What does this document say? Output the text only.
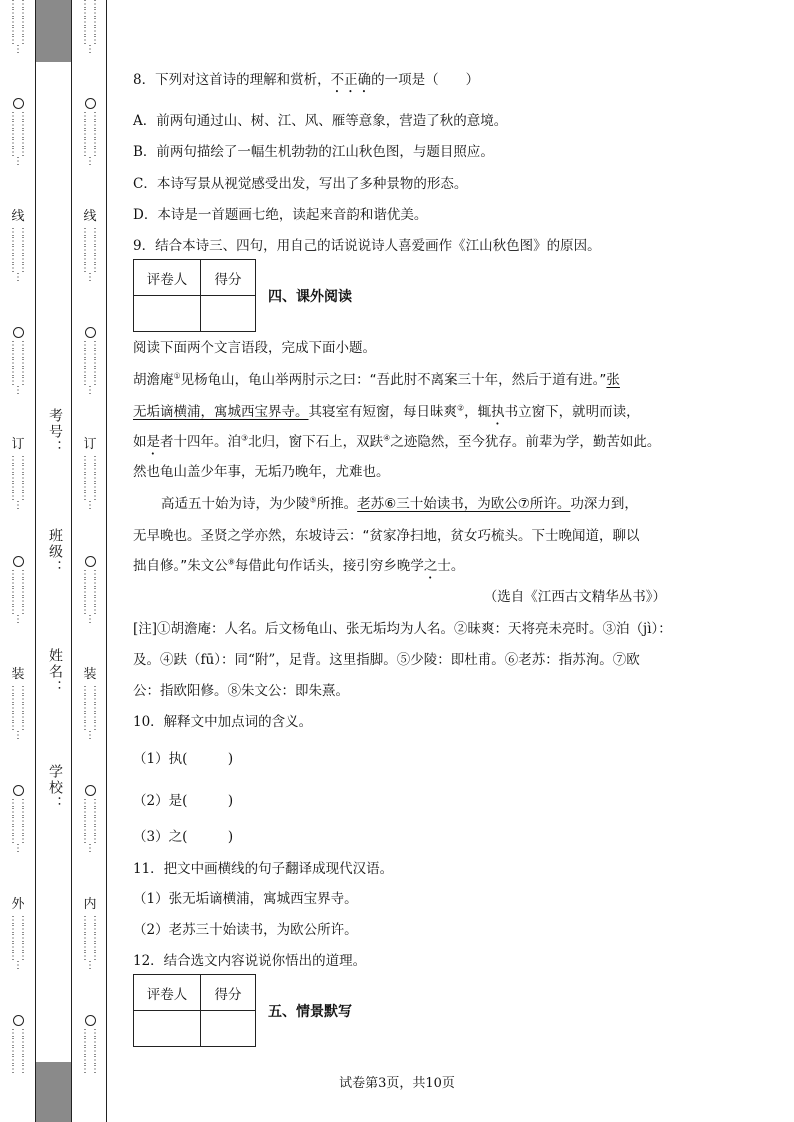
⋮⋮⋮⋮⋮⋮⋮⋮⋮⋮⋮
⋮⋮⋮⋮⋮⋮⋮⋮⋮⋮⋮
线
⋮⋮⋮⋮⋮⋮⋮⋮⋮⋮⋮
⋮⋮⋮⋮⋮⋮⋮⋮⋮⋮⋮
订
⋮⋮⋮⋮⋮⋮⋮⋮⋮⋮⋮
⋮⋮⋮⋮⋮⋮⋮⋮⋮⋮⋮
装
⋮⋮⋮⋮⋮⋮⋮⋮⋮⋮⋮
⋮⋮⋮⋮⋮⋮⋮⋮⋮⋮⋮
外
⋮⋮⋮⋮⋮⋮⋮⋮⋮⋮⋮
⋮⋮⋮⋮⋮⋮⋮⋮⋮⋮
⋮⋮⋮⋮⋮⋮⋮⋮⋮⋮⋮
⋮⋮⋮⋮⋮⋮⋮⋮⋮⋮⋮
线
⋮⋮⋮⋮⋮⋮⋮⋮⋮⋮⋮
⋮⋮⋮⋮⋮⋮⋮⋮⋮⋮⋮
订
⋮⋮⋮⋮⋮⋮⋮⋮⋮⋮⋮
⋮⋮⋮⋮⋮⋮⋮⋮⋮⋮⋮
装
⋮⋮⋮⋮⋮⋮⋮⋮⋮⋮⋮
⋮⋮⋮⋮⋮⋮⋮⋮⋮⋮⋮
内
⋮⋮⋮⋮⋮⋮⋮⋮⋮⋮⋮
⋮⋮⋮⋮⋮⋮⋮⋮⋮⋮
考号：
班级：
姓名：
学校：
8．下列对这首诗的理解和赏析，不正确的一项是（　　）
A．前两句通过山、树、江、风、雁等意象，营造了秋的意境。
B．前两句描绘了一幅生机勃勃的江山秋色图，与题目照应。
C．本诗写景从视觉感受出发，写出了多种景物的形态。
D．本诗是一首题画七绝，读起来音韵和谐优美。
9．结合本诗三、四句，用自己的话说说诗人喜爱画作《江山秋色图》的原因。
评卷人	得分

四、课外阅读
阅读下面两个文言语段，完成下面小题。
胡澹庵①见杨龟山，龟山举两肘示之曰：“吾此肘不离案三十年，然后于道有进。”张
无垢谪横浦，寓城西宝界寺。其寝室有短窗，每日昧爽②，辄执书立窗下，就明而读，
如是者十四年。洎③北归，窗下石上，双趺④之迹隐然，至今犹存。前辈为学，勤苦如此。
然也龟山盖少年事，无垢乃晚年，尤难也。
高适五十始为诗，为少陵⑤所推。老苏⑥三十始读书，为欧公⑦所许。功深力到，
无早晚也。圣贤之学亦然，东坡诗云：“贫家净扫地，贫女巧梳头。下士晚闻道，聊以
拙自修。”朱文公⑧每借此句作话头，接引穷乡晚学之士。
（选自《江西古文精华丛书》）
[注]①胡澹庵：人名。后文杨龟山、张无垢均为人名。②昧爽：天将亮未亮时。③泊（jì）：
及。④趺（fū）：同“附”，足背。这里指脚。⑤少陵：即杜甫。⑥老苏：指苏洵。⑦欧
公：指欧阳修。⑧朱文公：即朱熹。
10．解释文中加点词的含义。
（1）执(　　　)
（2）是(　　　)
（3）之(　　　)
11．把文中画横线的句子翻译成现代汉语。
（1）张无垢谪横浦，寓城西宝界寺。
（2）老苏三十始读书，为欧公所许。
12．结合选文内容说说你悟出的道理。
评卷人	得分

五、情景默写
试卷第3页，共10页
